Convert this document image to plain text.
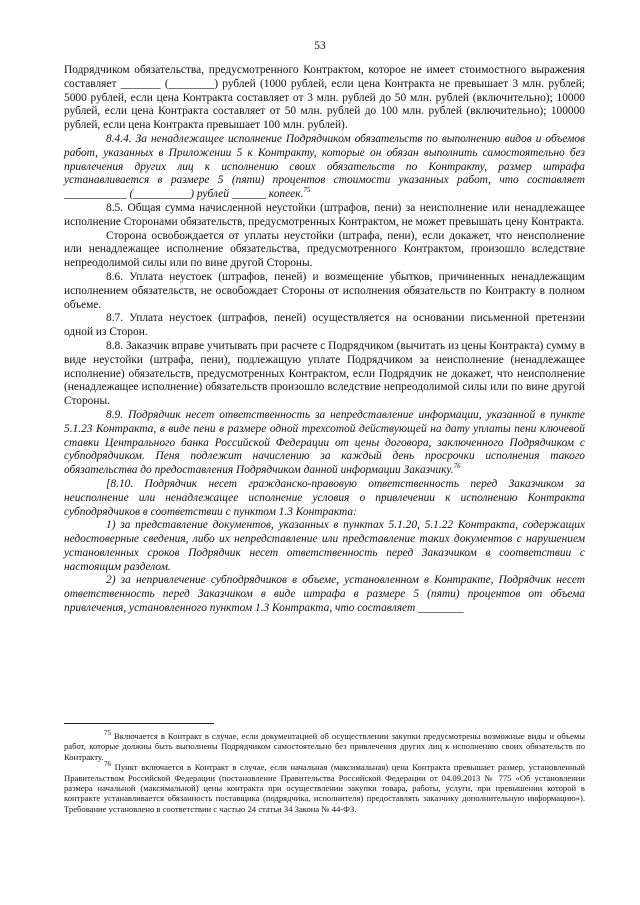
53

Подрядчиком обязательства, предусмотренного Контрактом, которое не имеет стоимостного выражения составляет _______ (________) рублей (1000 рублей, если цена Контракта не превышает 3 млн. рублей; 5000 рублей, если цена Контракта составляет от 3 млн. рублей до 50 млн. рублей (включительно); 10000 рублей, если цена Контракта составляет от 50 млн. рублей до 100 млн. рублей (включительно); 100000 рублей, если цена Контракта превышает 100 млн. рублей).

8.4.4. За ненадлежащее исполнение Подрядчиком обязательств по выполнению видов и объемов работ, указанных в Приложении 5 к Контракту, которые он обязан выполнить самостоятельно без привлечения других лиц к исполнению своих обязательств по Контракту, размер штрафа устанавливается в размере 5 (пяти) процентов стоимости указанных работ, что составляет ___________ (__________) рублей ______ копеек.$^{75}$

8.5. Общая сумма начисленной неустойки (штрафов, пени) за неисполнение или ненадлежащее исполнение Сторонами обязательств, предусмотренных Контрактом, не может превышать цену Контракта.

Сторона освобождается от уплаты неустойки (штрафа, пени), если докажет, что неисполнение или ненадлежащее исполнение обязательства, предусмотренного Контрактом, произошло вследствие непреодолимой силы или по вине другой Стороны.

8.6. Уплата неустоек (штрафов, пеней) и возмещение убытков, причиненных ненадлежащим исполнением обязательств, не освобождает Стороны от исполнения обязательств по Контракту в полном объеме.

8.7. Уплата неустоек (штрафов, пеней) осуществляется на основании письменной претензии одной из Сторон.

8.8. Заказчик вправе учитывать при расчете с Подрядчиком (вычитать из цены Контракта) сумму в виде неустойки (штрафа, пени), подлежащую уплате Подрядчиком за неисполнение (ненадлежащее исполнение) обязательств, предусмотренных Контрактом, если Подрядчик не докажет, что неисполнение (ненадлежащее исполнение) обязательств произошло вследствие непреодолимой силы или по вине другой Стороны.

8.9. Подрядчик несет ответственность за непредставление информации, указанной в пункте 5.1.23 Контракта, в виде пени в размере одной трехсотой действующей на дату уплаты пени ключевой ставки Центрального банка Российской Федерации от цены договора, заключенного Подрядчиком с субподрядчиком. Пеня подлежит начислению за каждый день просрочки исполнения такого обязательства до предоставления Подрядчиком данной информации Заказчику.$^{76}$

[8.10. Подрядчик несет гражданско-правовую ответственность перед Заказчиком за неисполнение или ненадлежащее исполнение условия о привлечении к исполнению Контракта субподрядчиков в соответствии с пунктом 1.3 Контракта:

1) за представление документов, указанных в пунктах 5.1.20, 5.1.22 Контракта, содержащих недостоверные сведения, либо их непредставление или представление таких документов с нарушением установленных сроков Подрядчик несет ответственность перед Заказчиком в соответствии с настоящим разделом.

2) за непривлечение субподрядчиков в объеме, установленном в Контракте, Подрядчик несет ответственность перед Заказчиком в виде штрафа в размере 5 (пяти) процентов от объема привлечения, установленного пунктом 1.3 Контракта, что составляет ________

$^{75}$ Включается в Контракт в случае, если документацией об осуществлении закупки предусмотрены возможные виды и объемы работ, которые должны быть выполнены Подрядчиком самостоятельно без привлечения других лиц к исполнению своих обязательств по Контракту.

$^{76}$ Пункт включается в Контракт в случае, если начальная (максимальная) цена Контракта превышает размер, установленный Правительством Российской Федерации (постановление Правительства Российской Федерации от 04.09.2013 № 775 «Об установлении размера начальной (максимальной) цены контракта при осуществлении закупки товара, работы, услуги, при превышении которой в контракте устанавливается обязанность поставщика (подрядчика, исполнителя) предоставлять заказчику дополнительную информацию»). Требование установлено в соответствии с частью 24 статьи 34 Закона № 44-ФЗ.
